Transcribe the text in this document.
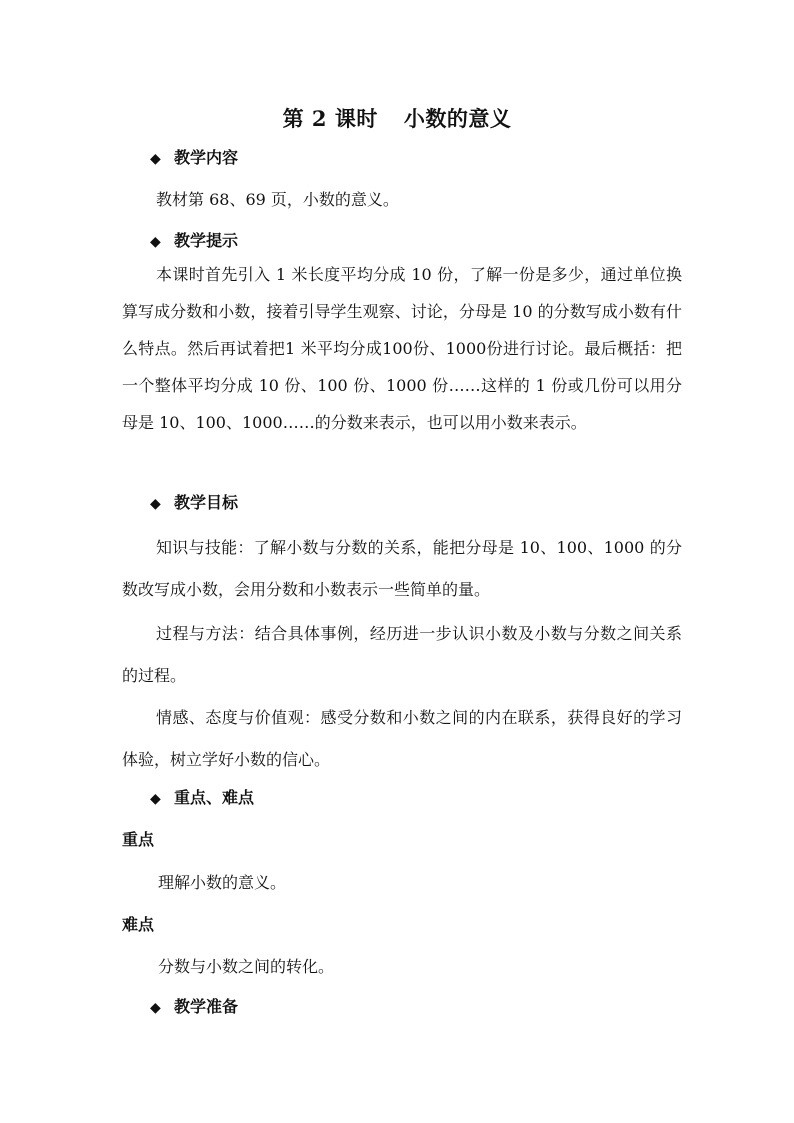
第 2 课时 小数的意义
◆ 教学内容
教材第 68、69 页，小数的意义。
◆ 教学提示
本课时首先引入 1 米长度平均分成 10 份，了解一份是多少，通过单位换算写成分数和小数，接着引导学生观察、讨论，分母是 10 的分数写成小数有什么特点。然后再试着把1 米平均分成100份、1000份进行讨论。最后概括：把一个整体平均分成 10 份、100 份、1000 份……这样的 1 份或几份可以用分母是 10、100、1000……的分数来表示，也可以用小数来表示。
◆ 教学目标
知识与技能：了解小数与分数的关系，能把分母是 10、100、1000 的分数改写成小数，会用分数和小数表示一些简单的量。
过程与方法：结合具体事例，经历进一步认识小数及小数与分数之间关系的过程。
情感、态度与价值观：感受分数和小数之间的内在联系，获得良好的学习体验，树立学好小数的信心。
◆ 重点、难点
重点
理解小数的意义。
难点
分数与小数之间的转化。
◆ 教学准备
